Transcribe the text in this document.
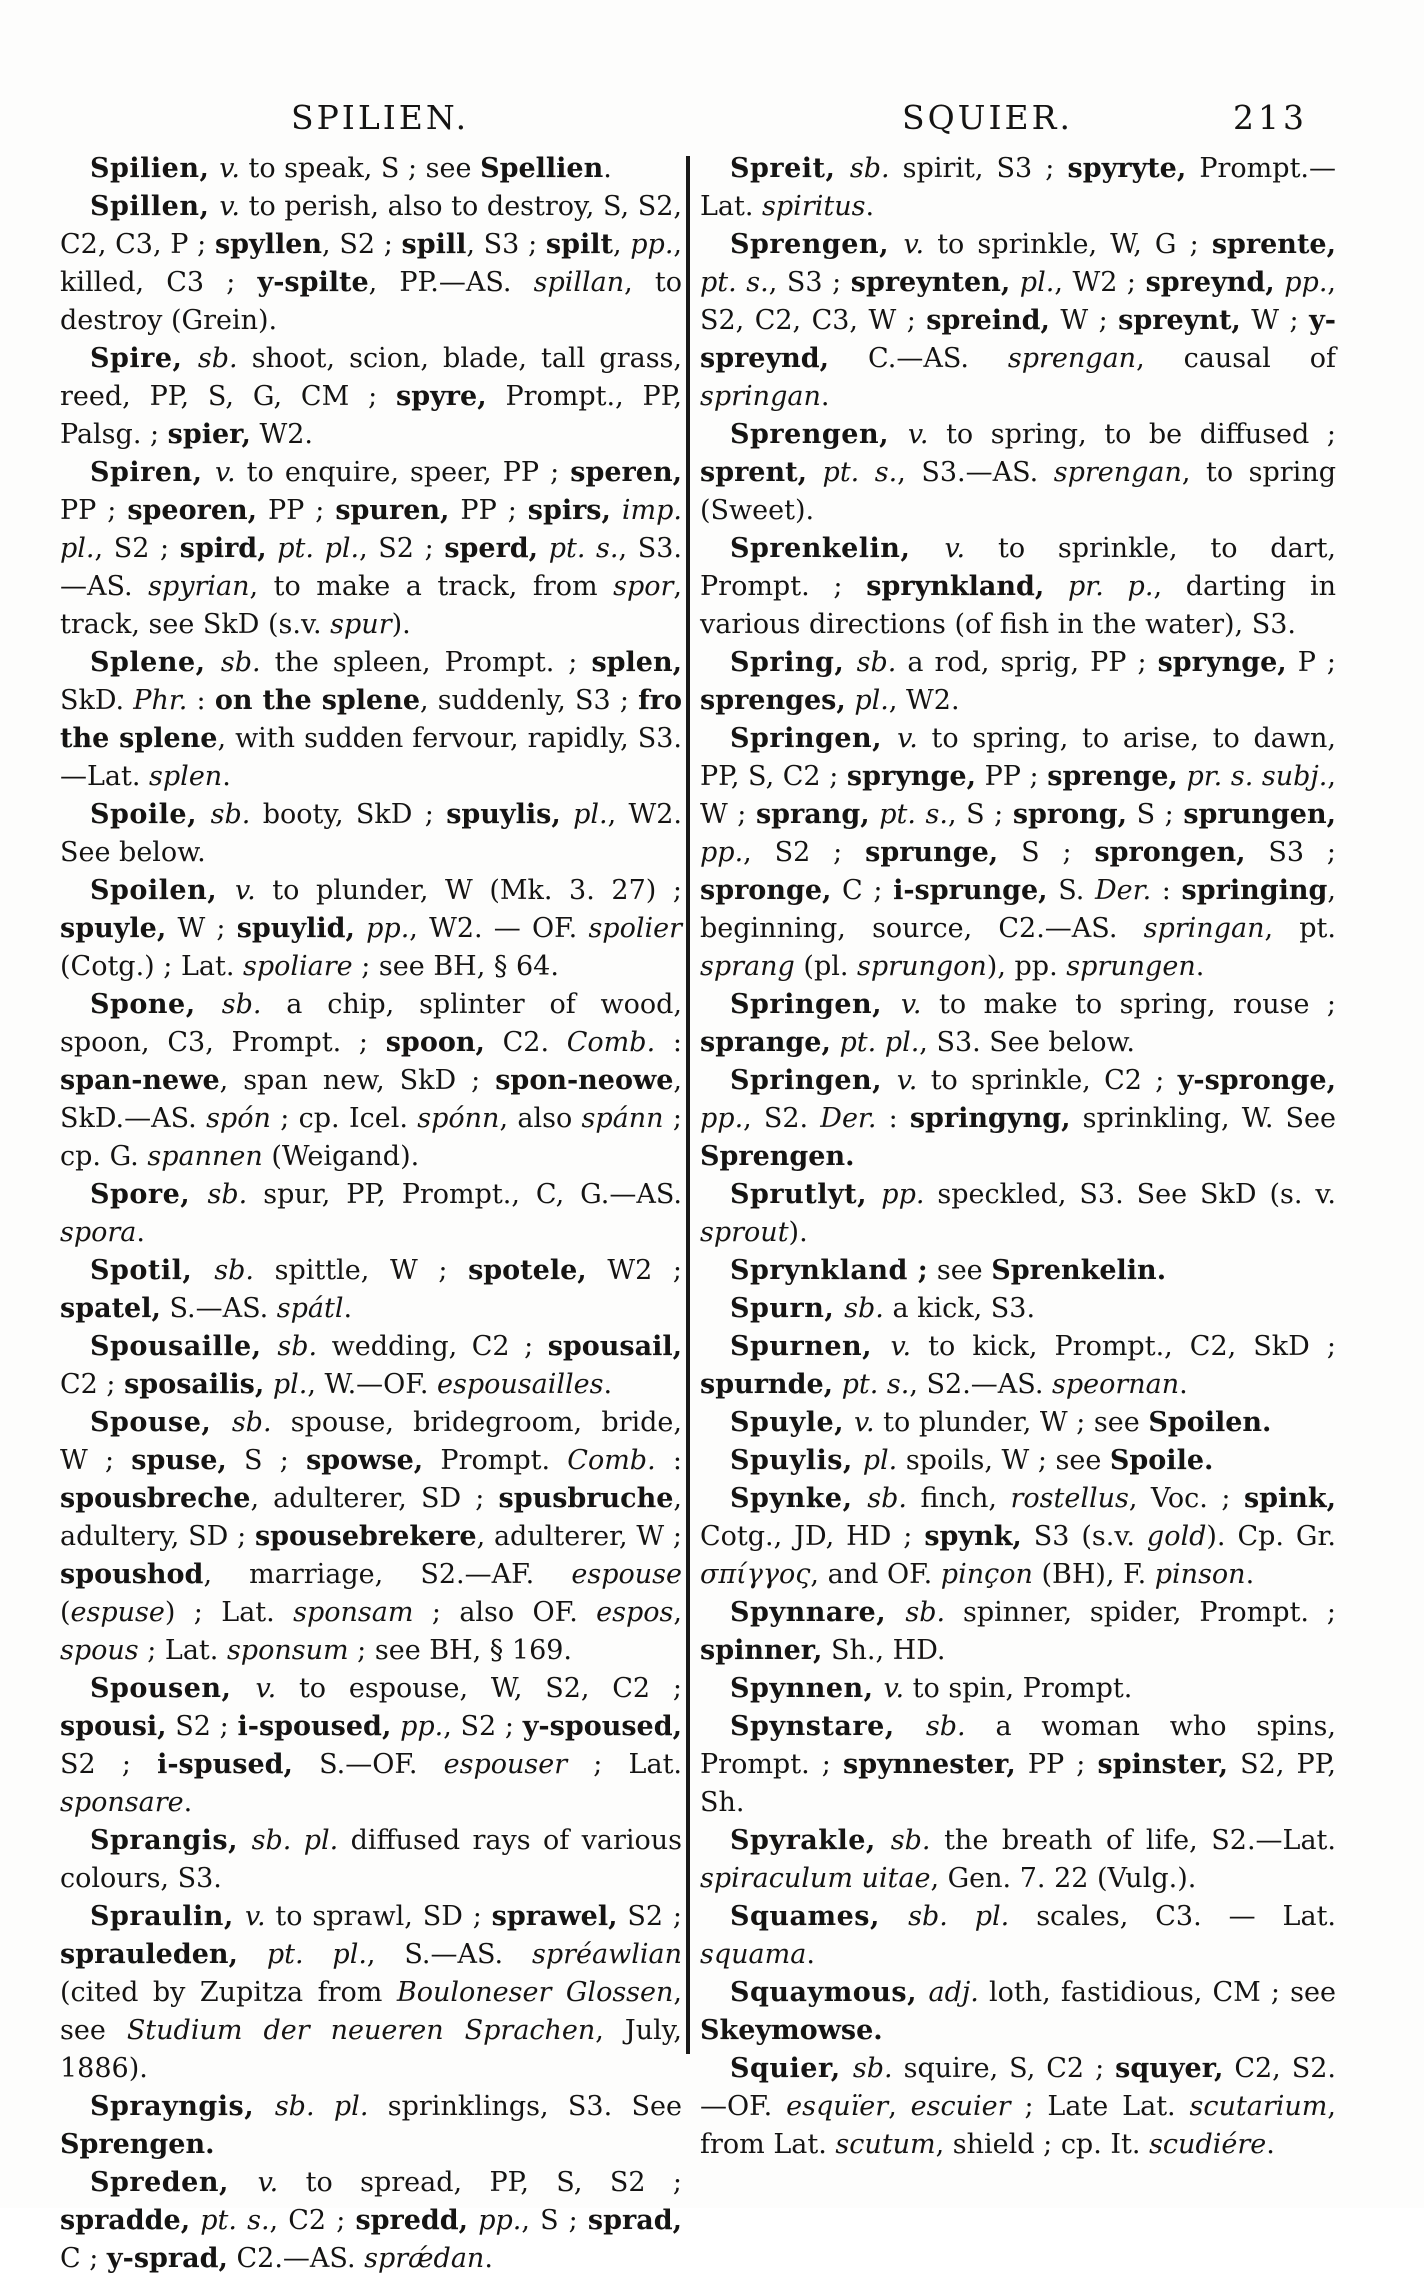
SPILIEN.	SQUIER.	213

Spilien, v. to speak, S ; see Spellien.

Spillen, v. to perish, also to destroy, S, S2, C2, C3, P ; spyllen, S2 ; spill, S3 ; spilt, pp., killed, C3 ; y-spilte, PP.—AS. spillan, to destroy (Grein).

Spire, sb. shoot, scion, blade, tall grass, reed, PP, S, G, CM ; spyre, Prompt., PP, Palsg. ; spier, W2.

Spiren, v. to enquire, speer, PP ; speren, PP ; speoren, PP ; spuren, PP ; spirs, imp. pl., S2 ; spird, pt. pl., S2 ; sperd, pt. s., S3.—AS. spyrian, to make a track, from spor, track, see SkD (s.v. spur).

Splene, sb. the spleen, Prompt. ; splen, SkD. Phr. : on the splene, suddenly, S3 ; fro the splene, with sudden fervour, rapidly, S3.—Lat. splen.

Spoile, sb. booty, SkD ; spuylis, pl., W2. See below.

Spoilen, v. to plunder, W (Mk. 3. 27) ; spuyle, W ; spuylid, pp., W2. — OF. spolier (Cotg.) ; Lat. spoliare ; see BH, § 64.

Spone, sb. a chip, splinter of wood, spoon, C3, Prompt. ; spoon, C2. Comb. : span-newe, span new, SkD ; spon-neowe, SkD.—AS. spón ; cp. Icel. spónn, also spánn ; cp. G. spannen (Weigand).

Spore, sb. spur, PP, Prompt., C, G.—AS. spora.

Spotil, sb. spittle, W ; spotele, W2 ; spatel, S.—AS. spátl.

Spousaille, sb. wedding, C2 ; spousail, C2 ; sposailis, pl., W.—OF. espousailles.

Spouse, sb. spouse, bridegroom, bride, W ; spuse, S ; spowse, Prompt. Comb. : spousbreche, adulterer, SD ; spusbruche, adultery, SD ; spousebrekere, adulterer, W ; spoushod, marriage, S2.—AF. espouse (espuse) ; Lat. sponsam ; also OF. espos, spous ; Lat. sponsum ; see BH, § 169.

Spousen, v. to espouse, W, S2, C2 ; spousi, S2 ; i-spoused, pp., S2 ; y-spoused, S2 ; i-spused, S.—OF. espouser ; Lat. sponsare.

Sprangis, sb. pl. diffused rays of various colours, S3.

Spraulin, v. to sprawl, SD ; sprawel, S2 ; sprauleden, pt. pl., S.—AS. spréawlian (cited by Zupitza from Bouloneser Glossen, see Studium der neueren Sprachen, July, 1886).

Sprayngis, sb. pl. sprinklings, S3. See Sprengen.

Spreden, v. to spread, PP, S, S2 ; spradde, pt. s., C2 ; spredd, pp., S ; sprad, C ; y-sprad, C2.—AS. sprǽdan.

Spreit, sb. spirit, S3 ; spyryte, Prompt.—Lat. spiritus.

Sprengen, v. to sprinkle, W, G ; sprente, pt. s., S3 ; spreynten, pl., W2 ; spreynd, pp., S2, C2, C3, W ; spreind, W ; spreynt, W ; y-spreynd, C.—AS. sprengan, causal of springan.

Sprengen, v. to spring, to be diffused ; sprent, pt. s., S3.—AS. sprengan, to spring (Sweet).

Sprenkelin, v. to sprinkle, to dart, Prompt. ; sprynkland, pr. p., darting in various directions (of fish in the water), S3.

Spring, sb. a rod, sprig, PP ; sprynge, P ; sprenges, pl., W2.

Springen, v. to spring, to arise, to dawn, PP, S, C2 ; sprynge, PP ; sprenge, pr. s. subj., W ; sprang, pt. s., S ; sprong, S ; sprungen, pp., S2 ; sprunge, S ; sprongen, S3 ; spronge, C ; i-sprunge, S. Der. : springing, beginning, source, C2.—AS. springan, pt. sprang (pl. sprungon), pp. sprungen.

Springen, v. to make to spring, rouse ; sprange, pt. pl., S3. See below.

Springen, v. to sprinkle, C2 ; y-spronge, pp., S2. Der. : springyng, sprinkling, W. See Sprengen.

Sprutlyt, pp. speckled, S3. See SkD (s. v. sprout).

Sprynkland ; see Sprenkelin.

Spurn, sb. a kick, S3.

Spurnen, v. to kick, Prompt., C2, SkD ; spurnde, pt. s., S2.—AS. speornan.

Spuyle, v. to plunder, W ; see Spoilen.

Spuylis, pl. spoils, W ; see Spoile.

Spynke, sb. finch, rostellus, Voc. ; spink, Cotg., JD, HD ; spynk, S3 (s.v. gold). Cp. Gr. σπίγγος, and OF. pinçon (BH), F. pinson.

Spynnare, sb. spinner, spider, Prompt. ; spinner, Sh., HD.

Spynnen, v. to spin, Prompt.

Spynstare, sb. a woman who spins, Prompt. ; spynnester, PP ; spinster, S2, PP, Sh.

Spyrakle, sb. the breath of life, S2.—Lat. spiraculum uitae, Gen. 7. 22 (Vulg.).

Squames, sb. pl. scales, C3. — Lat. squama.

Squaymous, adj. loth, fastidious, CM ; see Skeymowse.

Squier, sb. squire, S, C2 ; squyer, C2, S2.—OF. esquïer, escuier ; Late Lat. scutarium, from Lat. scutum, shield ; cp. It. scudiére.
